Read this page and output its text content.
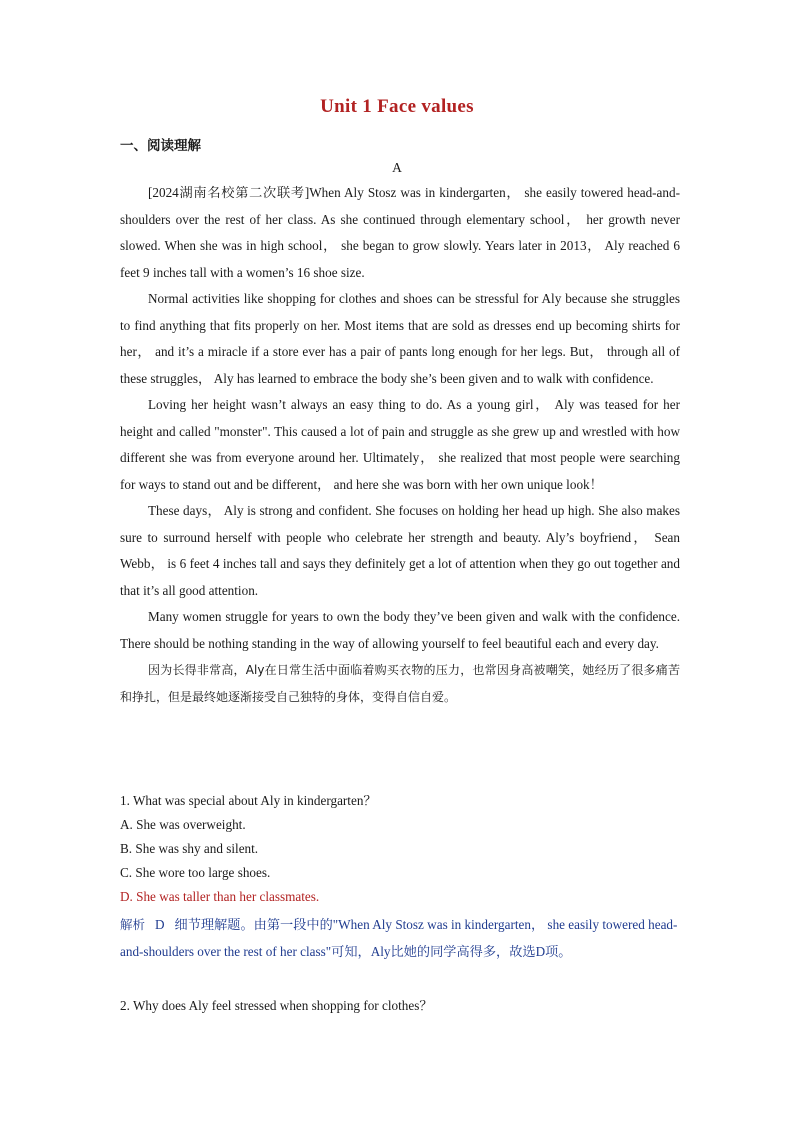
Unit 1 Face values
一、阅读理解
A

[2024湖南名校第二次联考]When Aly Stosz was in kindergarten， she easily towered head-and-shoulders over the rest of her class. As she continued through elementary school， her growth never slowed. When she was in high school， she began to grow slowly. Years later in 2013， Aly reached 6 feet 9 inches tall with a women’s 16 shoe size.

Normal activities like shopping for clothes and shoes can be stressful for Aly because she struggles to find anything that fits properly on her. Most items that are sold as dresses end up becoming shirts for her， and it’s a miracle if a store ever has a pair of pants long enough for her legs. But， through all of these struggles， Aly has learned to embrace the body she’s been given and to walk with confidence.

Loving her height wasn’t always an easy thing to do. As a young girl， Aly was teased for her height and called "monster". This caused a lot of pain and struggle as she grew up and wrestled with how different she was from everyone around her. Ultimately， she realized that most people were searching for ways to stand out and be different， and here she was born with her own unique look！

These days， Aly is strong and confident. She focuses on holding her head up high. She also makes sure to surround herself with people who celebrate her strength and beauty. Aly’s boyfriend， Sean Webb， is 6 feet 4 inches tall and says they definitely get a lot of attention when they go out together and that it’s all good attention.

Many women struggle for years to own the body they’ve been given and walk with the confidence. There should be nothing standing in the way of allowing yourself to feel beautiful each and every day.

因为长得非常高，Aly在日常生活中面临着购买衣物的压力，也常因身高被嘲笑，她经历了很多痛苦和挣扎，但是最终她逐渐接受自己独特的身体，变得自信自爱。

1. What was special about Aly in kindergarten？
A. She was overweight.
B. She was shy and silent.
C. She wore too large shoes.
D. She was taller than her classmates.
解析 D 细节理解题。由第一段中的"When Aly Stosz was in kindergarten， she easily towered head-and-shoulders over the rest of her class"可知，Aly比她的同学高得多，故选D项。
2. Why does Aly feel stressed when shopping for clothes？
